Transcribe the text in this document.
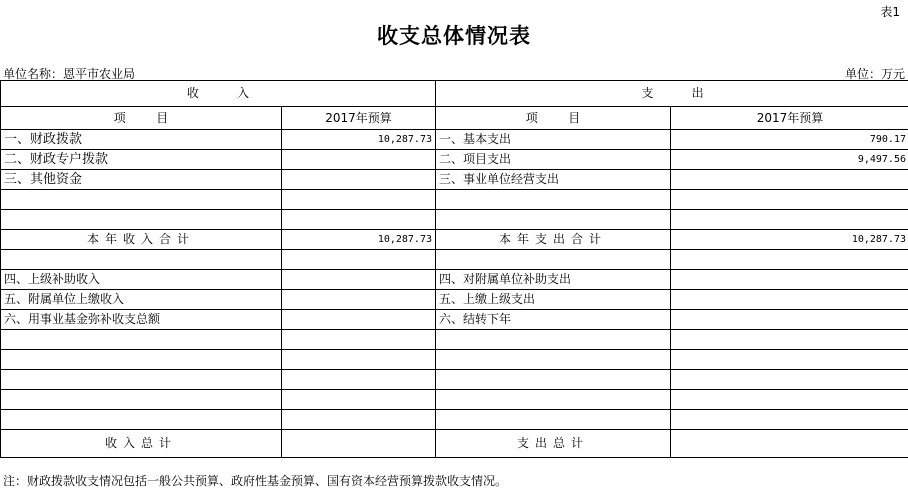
表1
收支总体情况表
单位名称：恩平市农业局	单位：万元
收          入		支          出	
项        目	2017年预算	项        目	2017年预算
一、财政拨款	10,287.73	一、基本支出	790.17
二、财政专户拨款		二、项目支出	9,497.56
三、其他资金		三、事业单位经营支出	

本年收入合计	10,287.73	本年支出合计	10,287.73

四、上级补助收入		四、对附属单位补助支出	
五、附属单位上缴收入		五、上缴上级支出	
六、用事业基金弥补收支总额		六、结转下年	

收入总计		支出总计	
注：财政拨款收支情况包括一般公共预算、政府性基金预算、国有资本经营预算拨款收支情况。
